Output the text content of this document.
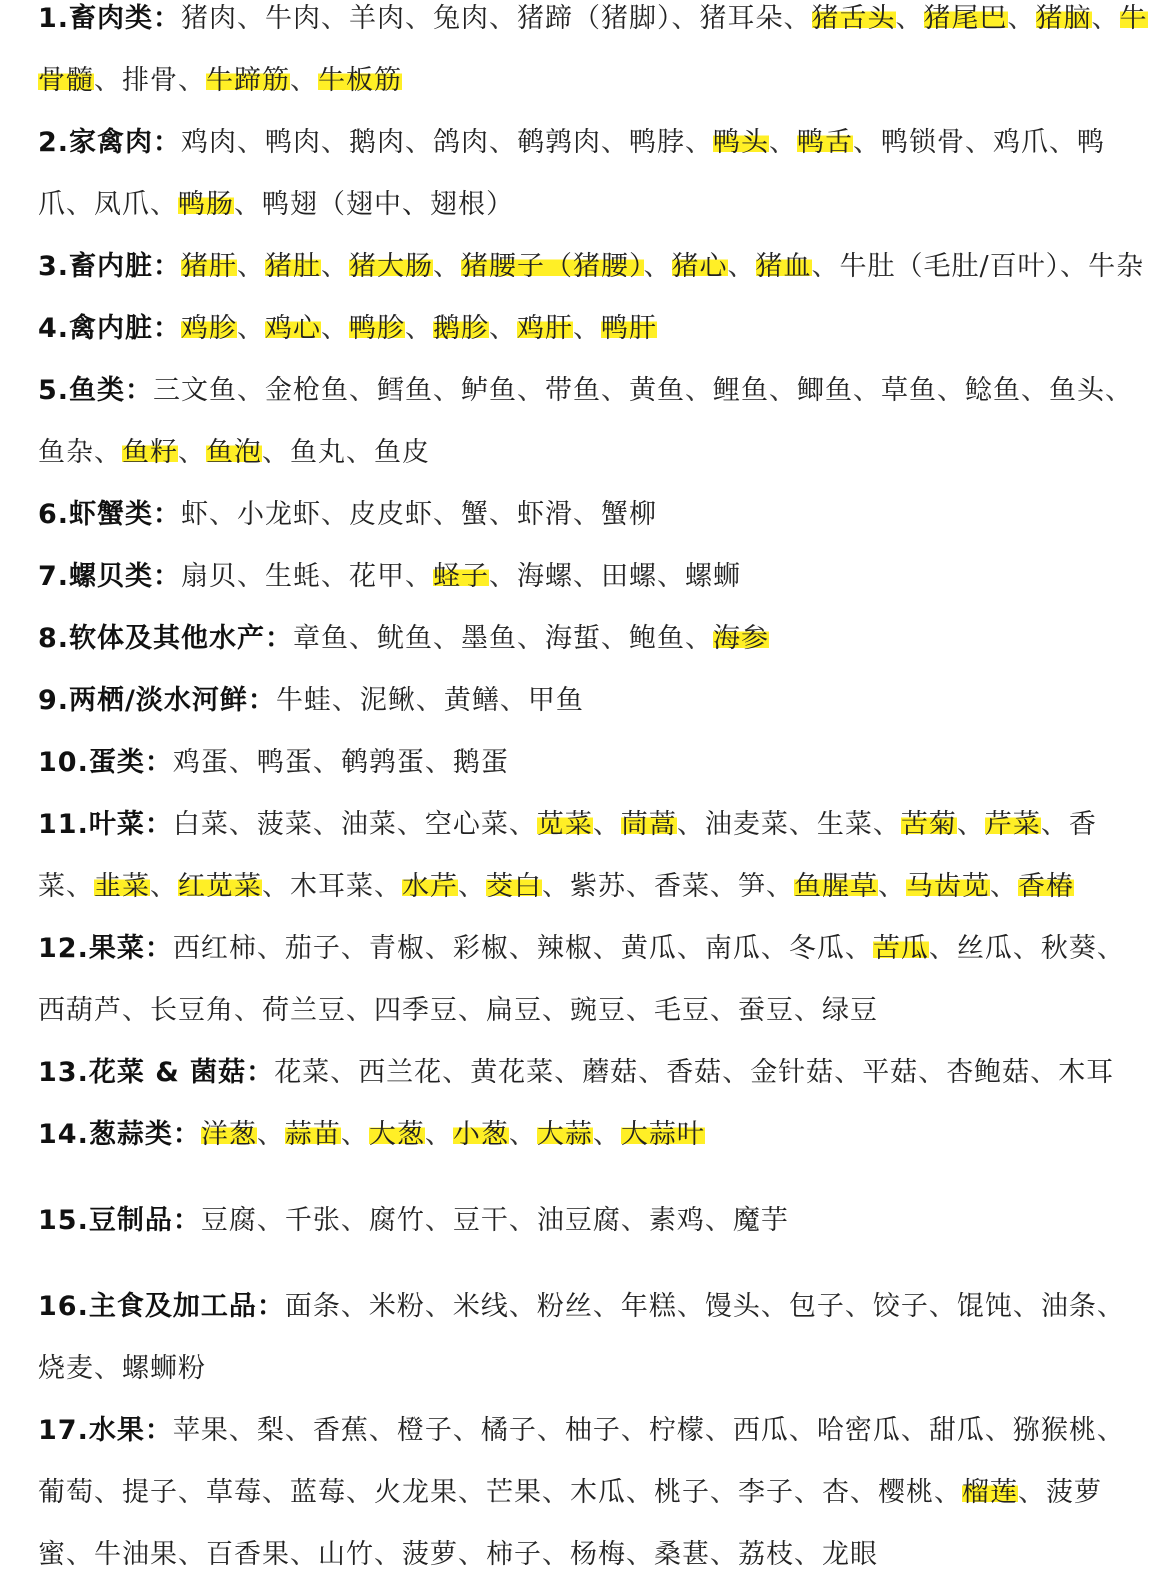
1.畜肉类：猪肉、牛肉、羊肉、兔肉、猪蹄（猪脚）、猪耳朵、猪舌头、猪尾巴、猪脑、牛骨髓、排骨、牛蹄筋、牛板筋
2.家禽肉：鸡肉、鸭肉、鹅肉、鸽肉、鹌鹑肉、鸭脖、鸭头、鸭舌、鸭锁骨、鸡爪、鸭爪、凤爪、鸭肠、鸭翅（翅中、翅根）
3.畜内脏：猪肝、猪肚、猪大肠、猪腰子（猪腰）、猪心、猪血、牛肚（毛肚/百叶）、牛杂
4.禽内脏：鸡胗、鸡心、鸭胗、鹅胗、鸡肝、鸭肝
5.鱼类：三文鱼、金枪鱼、鳕鱼、鲈鱼、带鱼、黄鱼、鲤鱼、鲫鱼、草鱼、鲶鱼、鱼头、鱼杂、鱼籽、鱼泡、鱼丸、鱼皮
6.虾蟹类：虾、小龙虾、皮皮虾、蟹、虾滑、蟹柳
7.螺贝类：扇贝、生蚝、花甲、蛏子、海螺、田螺、螺蛳
8.软体及其他水产：章鱼、鱿鱼、墨鱼、海蜇、鲍鱼、海参
9.两栖/淡水河鲜：牛蛙、泥鳅、黄鳝、甲鱼
10.蛋类：鸡蛋、鸭蛋、鹌鹑蛋、鹅蛋
11.叶菜：白菜、菠菜、油菜、空心菜、苋菜、茼蒿、油麦菜、生菜、苦菊、芹菜、香菜、韭菜、红苋菜、木耳菜、水芹、茭白、紫苏、香菜、笋、鱼腥草、马齿苋、香椿
12.果菜：西红柿、茄子、青椒、彩椒、辣椒、黄瓜、南瓜、冬瓜、苦瓜、丝瓜、秋葵、西葫芦、长豆角、荷兰豆、四季豆、扁豆、豌豆、毛豆、蚕豆、绿豆
13.花菜 & 菌菇：花菜、西兰花、黄花菜、蘑菇、香菇、金针菇、平菇、杏鲍菇、木耳
14.葱蒜类：洋葱、蒜苗、大葱、小葱、大蒜、大蒜叶
15.豆制品：豆腐、千张、腐竹、豆干、油豆腐、素鸡、魔芋
16.主食及加工品：面条、米粉、米线、粉丝、年糕、馒头、包子、饺子、馄饨、油条、烧麦、螺蛳粉
17.水果：苹果、梨、香蕉、橙子、橘子、柚子、柠檬、西瓜、哈密瓜、甜瓜、猕猴桃、葡萄、提子、草莓、蓝莓、火龙果、芒果、木瓜、桃子、李子、杏、樱桃、榴莲、菠萝蜜、牛油果、百香果、山竹、菠萝、柿子、杨梅、桑葚、荔枝、龙眼
